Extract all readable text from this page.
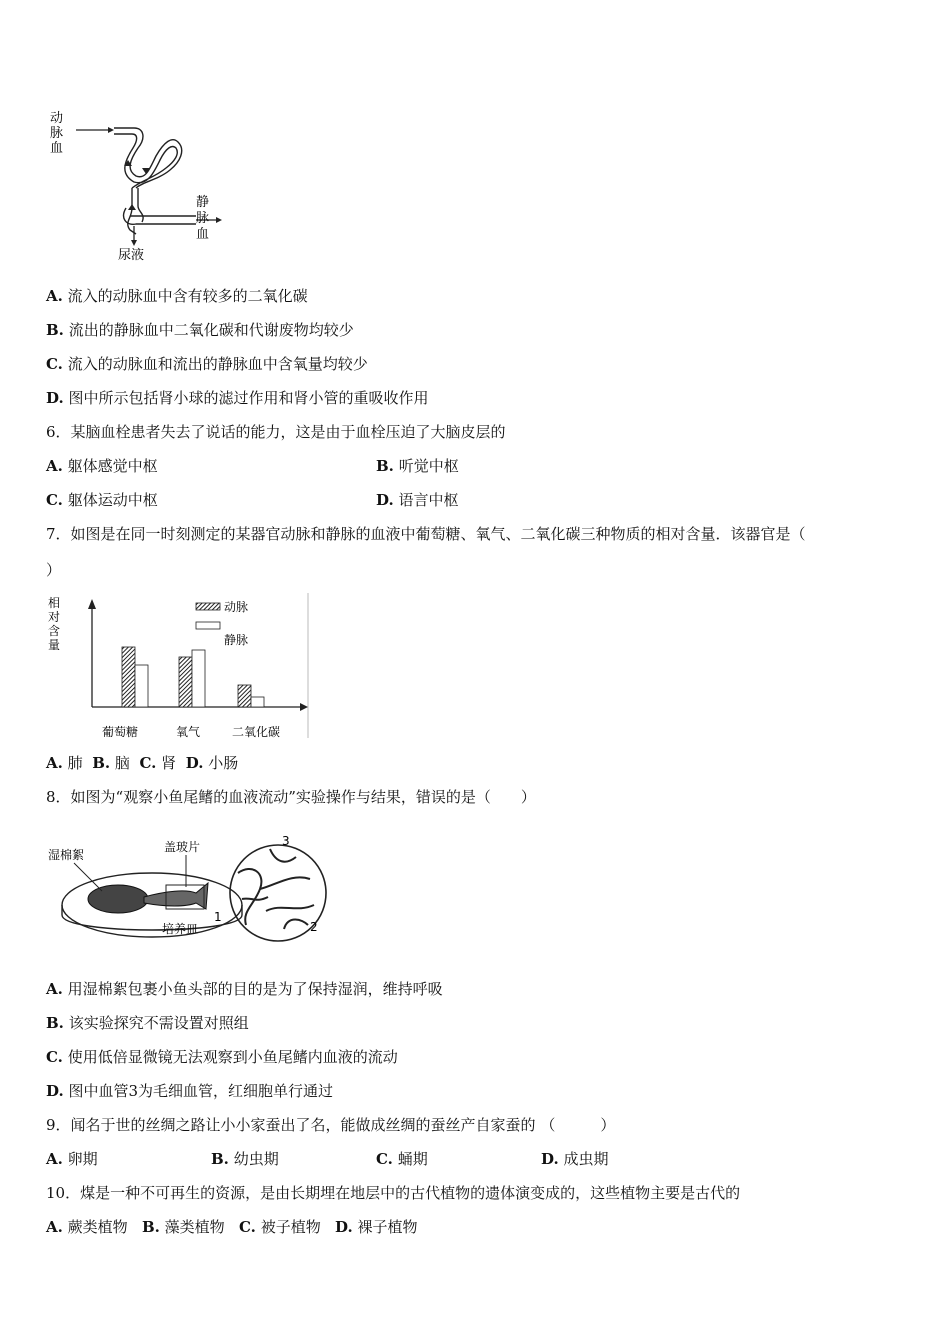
动
脉
血
静
脉
血
尿液
A. 流入的动脉血中含有较多的二氧化碳
B. 流出的静脉血中二氧化碳和代谢废物均较少
C. 流入的动脉血和流出的静脉血中含氧量均较少
D. 图中所示包括肾小球的滤过作用和肾小管的重吸收作用
6．某脑血栓患者失去了说话的能力，这是由于血栓压迫了大脑皮层的
A. 躯体感觉中枢	B. 听觉中枢
C. 躯体运动中枢	D. 语言中枢
7．如图是在同一时刻测定的某器官动脉和静脉的血液中葡萄糖、氧气、二氧化碳三种物质的相对含量．该器官是（
）
相
对
含
量
动脉
静脉
葡萄糖	氧气	二氧化碳
A. 肺 B. 脑 C. 肾 D. 小肠
8．如图为“观察小鱼尾鳍的血液流动”实验操作与结果，错误的是（　　）
湿棉絮
盖玻片
培养皿
1
2
3
A. 用湿棉絮包裹小鱼头部的目的是为了保持湿润，维持呼吸
B. 该实验探究不需设置对照组
C. 使用低倍显微镜无法观察到小鱼尾鳍内血液的流动
D. 图中血管3为毛细血管，红细胞单行通过
9．闻名于世的丝绸之路让小小家蚕出了名，能做成丝绸的蚕丝产自家蚕的 （　　　）
A. 卵期	B. 幼虫期	C. 蛹期	D. 成虫期
10．煤是一种不可再生的资源，是由长期埋在地层中的古代植物的遗体演变成的，这些植物主要是古代的
A. 蕨类植物 B. 藻类植物 C. 被子植物 D. 裸子植物
